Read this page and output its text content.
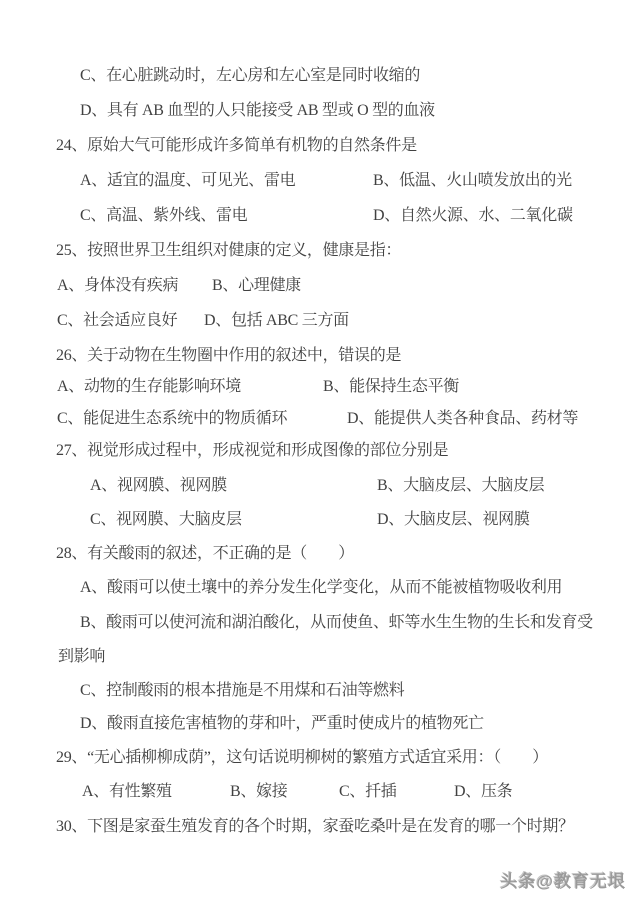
C、在心脏跳动时，左心房和左心室是同时收缩的
D、具有 AB 血型的人只能接受 AB 型或 O 型的血液
24、原始大气可能形成许多简单有机物的自然条件是
A、适宜的温度、可见光、雷电	B、低温、火山喷发放出的光
C、高温、紫外线、雷电	D、自然火源、水、二氧化碳
25、按照世界卫生组织对健康的定义，健康是指：
A、身体没有疾病 B、心理健康
C、社会适应良好 D、包括 ABC 三方面
26、关于动物在生物圈中作用的叙述中，错误的是
A、动物的生存能影响环境	B、能保持生态平衡
C、能促进生态系统中的物质循环	D、能提供人类各种食品、药材等
27、视觉形成过程中，形成视觉和形成图像的部位分别是
A、视网膜、视网膜	B、大脑皮层、大脑皮层
C、视网膜、大脑皮层	D、大脑皮层、视网膜
28、有关酸雨的叙述，不正确的是（　　）
A、酸雨可以使土壤中的养分发生化学变化，从而不能被植物吸收利用
B、酸雨可以使河流和湖泊酸化，从而使鱼、虾等水生生物的生长和发育受
到影响
C、控制酸雨的根本措施是不用煤和石油等燃料
D、酸雨直接危害植物的芽和叶，严重时使成片的植物死亡
29、“无心插柳柳成荫”，这句话说明柳树的繁殖方式适宜采用：（　　）
A、有性繁殖	B、嫁接	C、扦插	D、压条
30、下图是家蚕生殖发育的各个时期，家蚕吃桑叶是在发育的哪一个时期？
头条@教育无垠
